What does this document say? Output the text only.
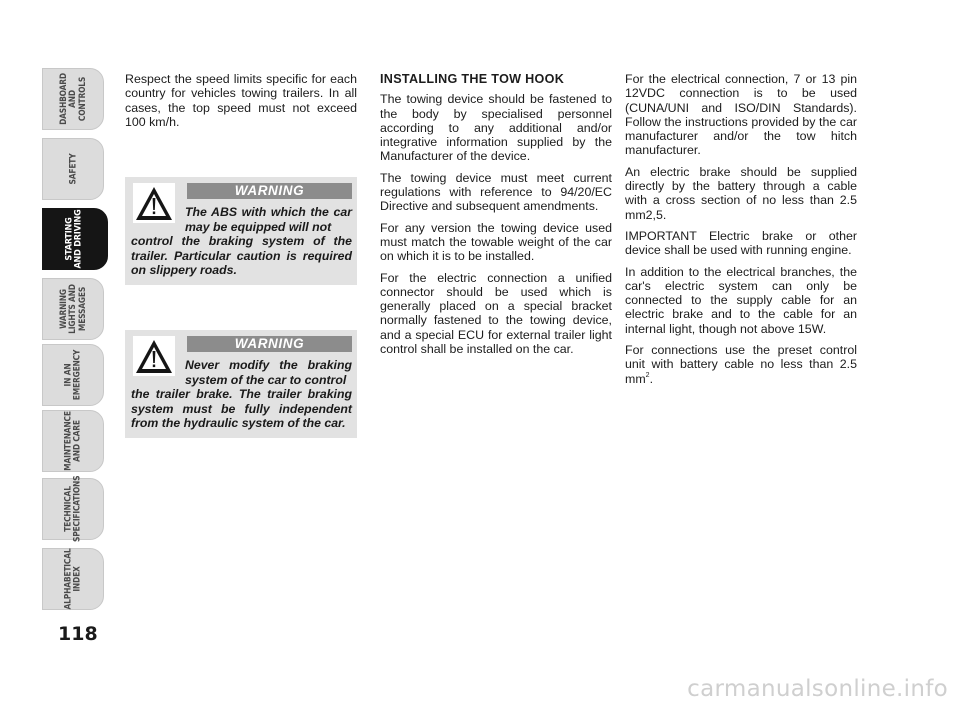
DASHBOARD
AND
CONTROLS
SAFETY
STARTING
AND DRIVING
WARNING
LIGHTS AND
MESSAGES
IN AN
EMERGENCY
MAINTENANCE
AND CARE
TECHNICAL
SPECIFICATIONS
ALPHABETICAL
INDEX
118

Respect the speed limits specific for each country for vehicles towing trailers. In all cases, the top speed must not exceed 100 km/h.

WARNING
The ABS with which the car may be equipped will not
control the braking system of the trailer. Particular caution is required on slippery roads.
WARNING
Never modify the braking system of the car to control
the trailer brake. The trailer braking system must be fully independent from the hydraulic system of the car.

INSTALLING THE TOW HOOK

The towing device should be fastened to the body by specialised personnel according to any additional and/or integrative information supplied by the Manufacturer of the device.

The towing device must meet current regulations with reference to 94/20/EC Directive and subsequent amendments.

For any version the towing device used must match the towable weight of the car on which it is to be installed.

For the electric connection a unified connector should be used which is generally placed on a special bracket normally fastened to the towing device, and a special ECU for external trailer light control shall be installed on the car.

For the electrical connection, 7 or 13 pin 12VDC connection is to be used (CUNA/UNI and ISO/DIN Standards). Follow the instructions provided by the car manufacturer and/or the tow hitch manufacturer.

An electric brake should be supplied directly by the battery through a cable with a cross section of no less than 2.5 mm2,5.

IMPORTANT Electric brake or other device shall be used with running engine.

In addition to the electrical branches, the car's electric system can only be connected to the supply cable for an electric brake and to the cable for an internal light, though not above 15W.

For connections use the preset control unit with battery cable no less than 2.5 $mm^2$.

carmanualsonline.info
